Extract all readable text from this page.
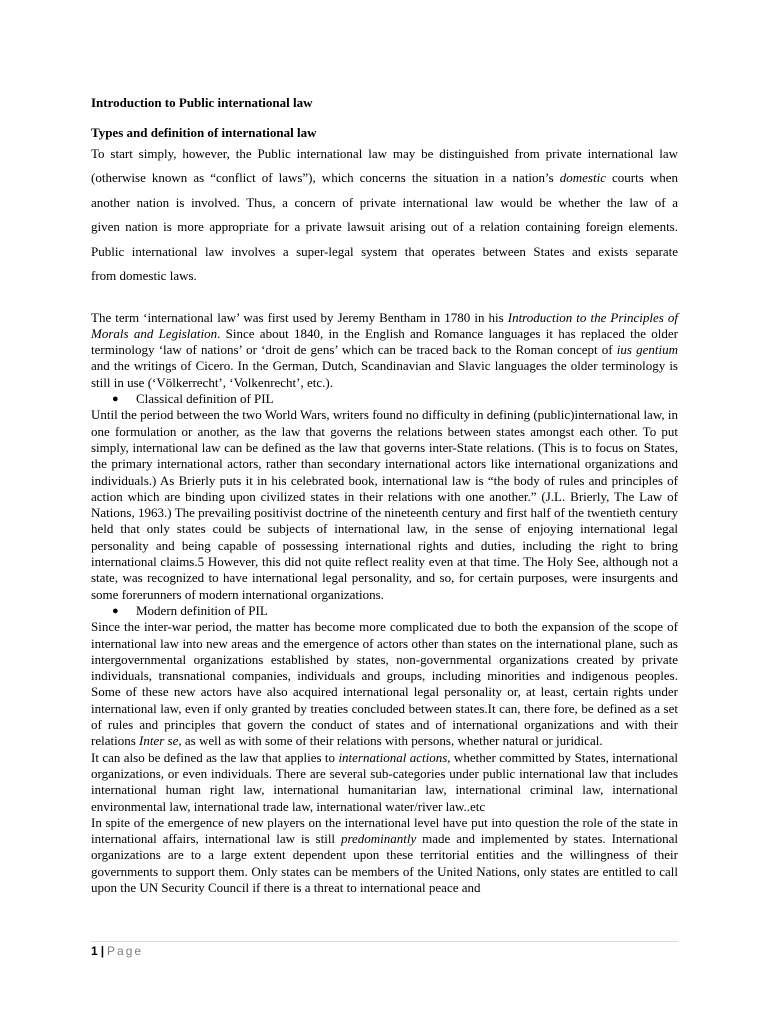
Introduction to Public international law
Types and definition of international law
To start simply, however, the Public international law may be distinguished from private international law
(otherwise known as “conflict of laws”), which concerns the situation in a nation’s domestic courts when
another nation is involved. Thus, a concern of private international law would be whether the law of a
given nation is more appropriate for a private lawsuit arising out of a relation containing foreign elements.
Public international law involves a super-legal system that operates between States and exists separate
from domestic laws.

The term ‘international law’ was first used by Jeremy Bentham in 1780 in his Introduction to the Principles of Morals and Legislation. Since about 1840, in the English and Romance languages it has replaced the older terminology ‘law of nations’ or ‘droit de gens’ which can be traced back to the Roman concept of ius gentium and the writings of Cicero. In the German, Dutch, Scandinavian and Slavic languages the older terminology is still in use (‘Völkerrecht’, ‘Volkenrecht’, etc.).

● Classical definition of PIL

Until the period between the two World Wars, writers found no difficulty in defining (public)international law, in one formulation or another, as the law that governs the relations between states amongst each other. To put simply, international law can be defined as the law that governs inter-State relations. (This is to focus on States, the primary international actors, rather than secondary international actors like international organizations and individuals.) As Brierly puts it in his celebrated book, international law is “the body of rules and principles of action which are binding upon civilized states in their relations with one another.” (J.L. Brierly, The Law of Nations, 1963.) The prevailing positivist doctrine of the nineteenth century and first half of the twentieth century held that only states could be subjects of international law, in the sense of enjoying international legal personality and being capable of possessing international rights and duties, including the right to bring international claims.5 However, this did not quite reflect reality even at that time. The Holy See, although not a state, was recognized to have international legal personality, and so, for certain purposes, were insurgents and some forerunners of modern international organizations.

● Modern definition of PIL

Since the inter-war period, the matter has become more complicated due to both the expansion of the scope of international law into new areas and the emergence of actors other than states on the international plane, such as intergovernmental organizations established by states, non-governmental organizations created by private individuals, transnational companies, individuals and groups, including minorities and indigenous peoples. Some of these new actors have also acquired international legal personality or, at least, certain rights under international law, even if only granted by treaties concluded between states.It can, there fore, be defined as a set of rules and principles that govern the conduct of states and of international organizations and with their relations Inter se, as well as with some of their relations with persons, whether natural or juridical.

It can also be defined as the law that applies to international actions, whether committed by States, international organizations, or even individuals. There are several sub-categories under public international law that includes international human right law, international humanitarian law, international criminal law, international environmental law, international trade law, international water/river law..etc

In spite of the emergence of new players on the international level have put into question the role of the state in international affairs, international law is still predominantly made and implemented by states. International organizations are to a large extent dependent upon these territorial entities and the willingness of their governments to support them. Only states can be members of the United Nations, only states are entitled to call upon the UN Security Council if there is a threat to international peace and

1 | Page
